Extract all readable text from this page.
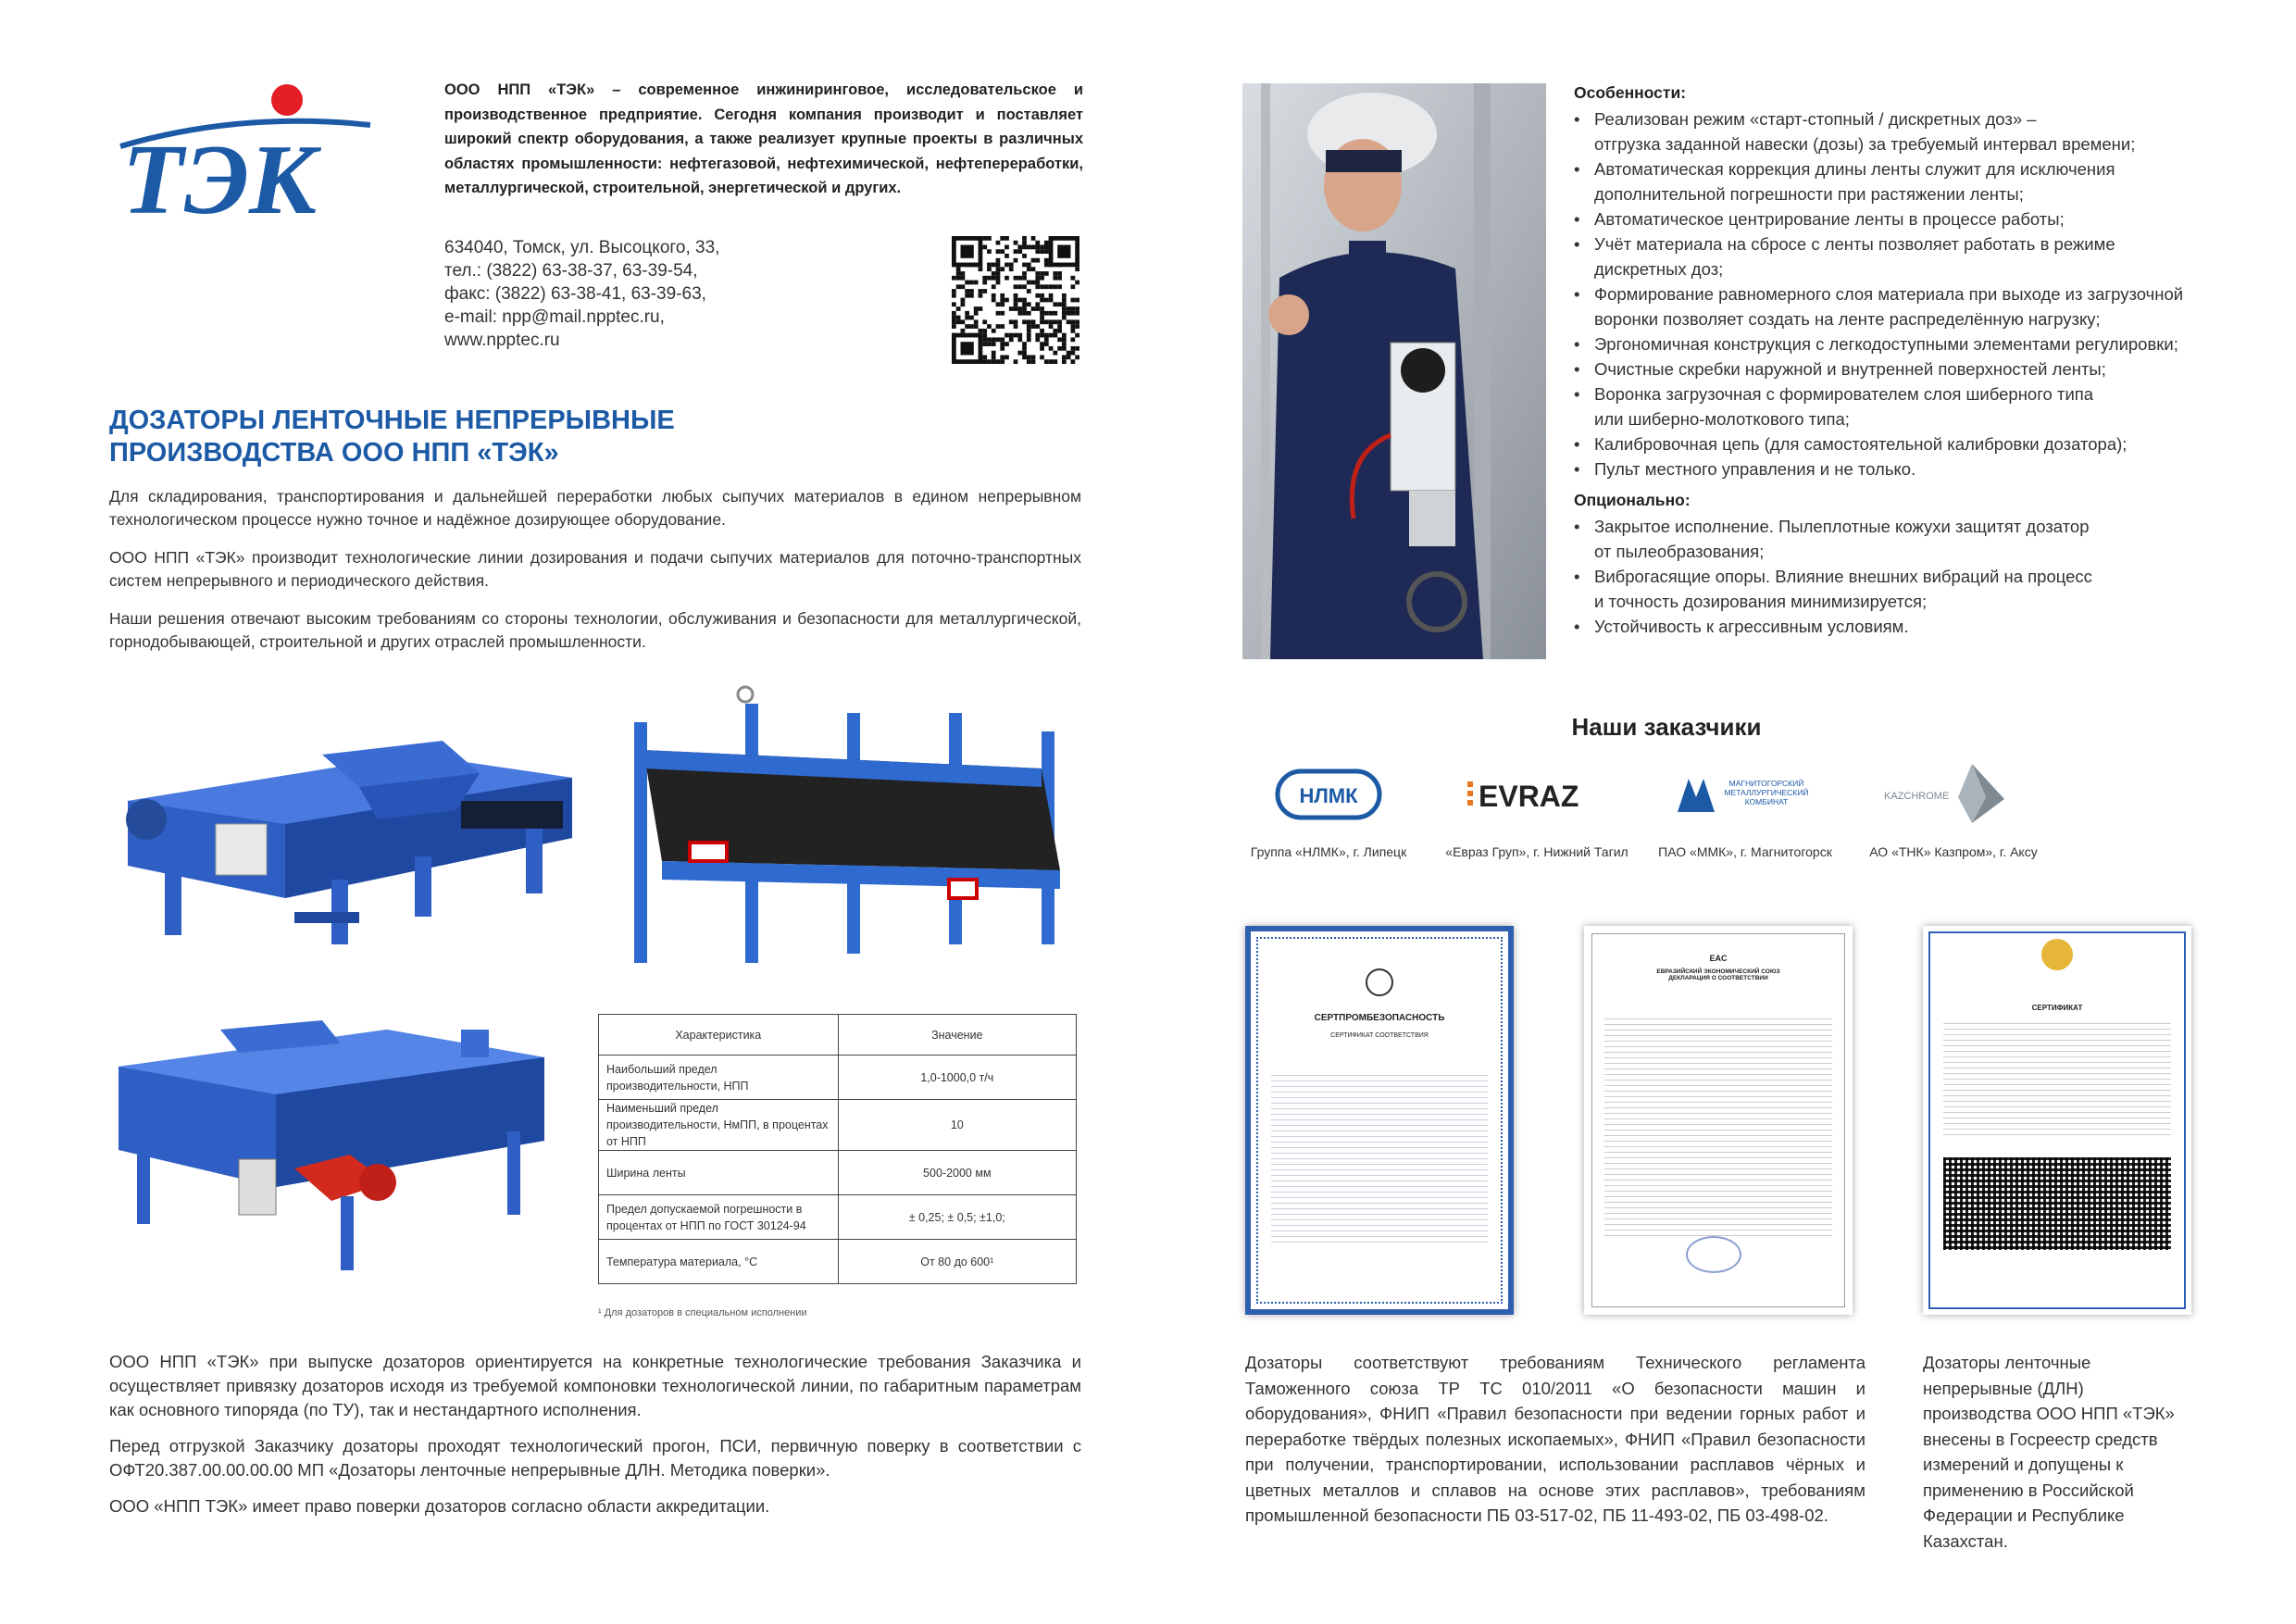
ТЭК
ООО НПП «ТЭК» – современное инжиниринговое, исследовательское и производственное предприятие. Сегодня компания производит и поставляет широкий спектр оборудования, а также реализует крупные проекты в различных областях промышленности: нефтегазовой, нефтехимической, нефтепереработки, металлургической, строительной, энергетической и других.
634040, Томск, ул. Высоцкого, 33,
тел.: (3822) 63-38-37, 63-39-54,
факс: (3822) 63-38-41, 63-39-63,
e-mail: npp@mail.npptec.ru,
www.npptec.ru
ДОЗАТОРЫ ЛЕНТОЧНЫЕ НЕПРЕРЫВНЫЕ
ПРОИЗВОДСТВА ООО НПП «ТЭК»
Для складирования, транспортирования и дальнейшей переработки любых сыпучих материалов в едином непрерывном технологическом процессе нужно точное и надёжное дозирующее оборудование.
ООО НПП «ТЭК» производит технологические линии дозирования и подачи сыпучих материалов для поточно-транспортных систем непрерывного и периодического действия.
Наши решения отвечают высоким требованиям со стороны технологии, обслуживания и безопасности для металлургической, горнодобывающей, строительной и других отраслей промышленности.
Характеристика	Значение
Наибольший предел производительности, НПП	1,0-1000,0 т/ч
Наименьший предел производительности, НмПП, в процентах от НПП	10
Ширина ленты	500-2000 мм
Предел допускаемой погрешности в процентах от НПП по ГОСТ 30124-94	± 0,25; ± 0,5; ±1,0;
Температура материала, °С	От 80 до 600¹
¹ Для дозаторов в специальном исполнении
ООО НПП «ТЭК» при выпуске дозаторов ориентируется на конкретные технологические требования Заказчика и осуществляет привязку дозаторов исходя из требуемой компоновки технологической линии, по габаритным параметрам как основного типоряда (по ТУ), так и нестандартного исполнения.
Перед отгрузкой Заказчику дозаторы проходят технологический прогон, ПСИ, первичную поверку в соответствии с ОФТ20.387.00.00.00.00 МП «Дозаторы ленточные непрерывные ДЛН. Методика поверки».
ООО «НПП ТЭК» имеет право поверки дозаторов согласно области аккредитации.
Особенности:
• Реализован режим «старт-стопный / дискретных доз» –
отгрузка заданной навески (дозы) за требуемый интервал времени;
• Автоматическая коррекция длины ленты служит для исключения
дополнительной погрешности при растяжении ленты;
• Автоматическое центрирование ленты в процессе работы;
• Учёт материала на сбросе с ленты позволяет работать в режиме
дискретных доз;
• Формирование равномерного слоя материала при выходе из загрузочной
воронки позволяет создать на ленте распределённую нагрузку;
• Эргономичная конструкция с легкодоступными элементами регулировки;
• Очистные скребки наружной и внутренней поверхностей ленты;
• Воронка загрузочная с формирователем слоя шиберного типа
или шиберно-молоткового типа;
• Калибровочная цепь (для самостоятельной калибровки дозатора);
• Пульт местного управления и не только.
Опционально:
• Закрытое исполнение. Пылеплотные кожухи защитят дозатор
от пылеобразования;
• Виброгасящие опоры. Влияние внешних вибраций на процесс
и точность дозирования минимизируется;
• Устойчивость к агрессивным условиям.
Наши заказчики
НЛМК
Группа «НЛМК», г. Липецк
EVRAZ
«Евраз Груп», г. Нижний Тагил
МАГНИТОГОРСКИЙ МЕТАЛЛУРГИЧЕСКИЙ КОМБИНАТ
ПАО «ММК», г. Магнитогорск
KAZCHROME
АО «ТНК» Казпром», г. Аксу
СЕРТПРОМБЕЗОПАСНОСТЬ
СЕРТИФИКАТ СООТВЕТСТВИЯ
EAC
ЕВРАЗИЙСКИЙ ЭКОНОМИЧЕСКИЙ СОЮЗ
ДЕКЛАРАЦИЯ О СООТВЕТСТВИИ
СЕРТИФИКАТ
Дозаторы соответствуют требованиям Технического регламента Таможенного союза ТР ТС 010/2011 «О безопасности машин и оборудования», ФНИП «Правил безопасности при ведении горных работ и переработке твёрдых полезных ископаемых», ФНИП «Правил безопасности при получении, транспортировании, использовании расплавов чёрных и цветных металлов и сплавов на основе этих расплавов», требованиям промышленной безопасности ПБ 03-517-02, ПБ 11-493-02, ПБ 03-498-02.
Дозаторы ленточные непрерывные (ДЛН) производства ООО НПП «ТЭК» внесены в Госреестр средств измерений и допущены к применению в Российской Федерации и Республике Казахстан.
